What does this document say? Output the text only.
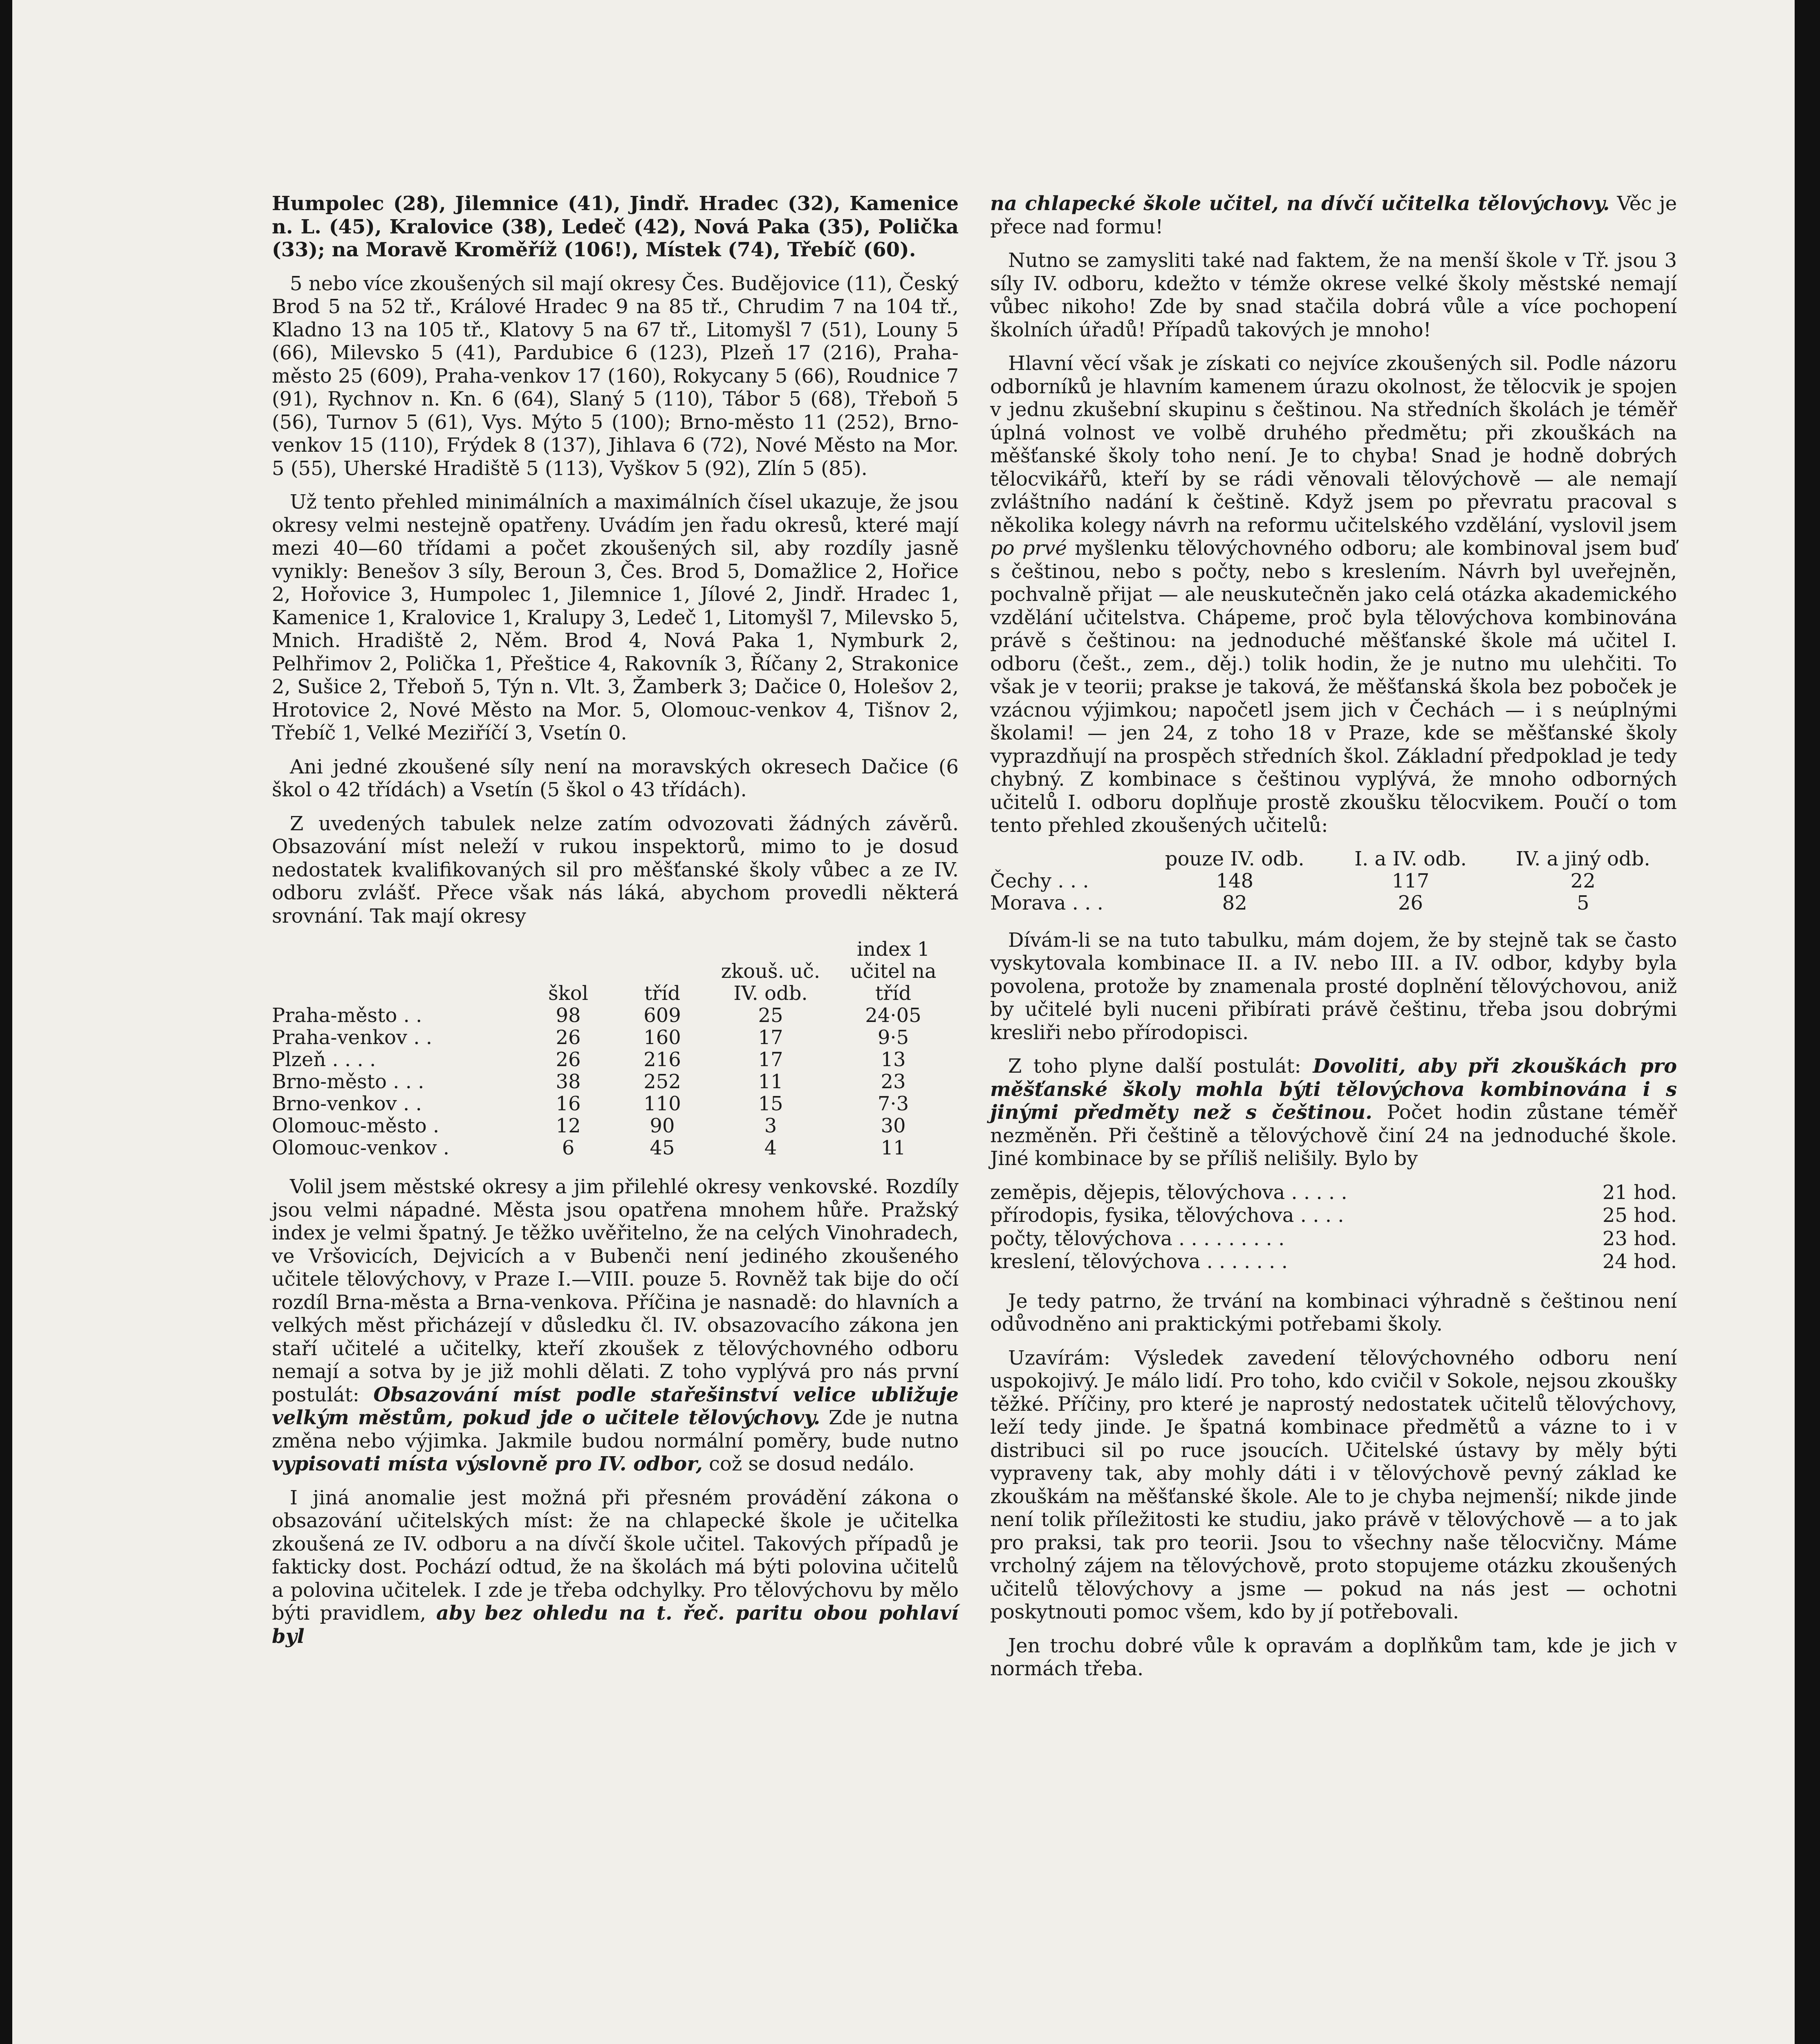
Humpolec (28), Jilemnice (41), Jindř. Hradec (32), Kamenice n. L. (45), Kralovice (38), Ledeč (42), Nová Paka (35), Polička (33); na Moravě Kroměříž (106!), Místek (74), Třebíč (60).

5 nebo více zkoušených sil mají okresy Čes. Budějovice (11), Český Brod 5 na 52 tř., Králové Hradec 9 na 85 tř., Chrudim 7 na 104 tř., Kladno 13 na 105 tř., Klatovy 5 na 67 tř., Litomyšl 7 (51), Louny 5 (66), Milevsko 5 (41), Pardubice 6 (123), Plzeň 17 (216), Praha-město 25 (609), Praha-venkov 17 (160), Rokycany 5 (66), Roudnice 7 (91), Rychnov n. Kn. 6 (64), Slaný 5 (110), Tábor 5 (68), Třeboň 5 (56), Turnov 5 (61), Vys. Mýto 5 (100); Brno-město 11 (252), Brno-venkov 15 (110), Frýdek 8 (137), Jihlava 6 (72), Nové Město na Mor. 5 (55), Uherské Hradiště 5 (113), Vyškov 5 (92), Zlín 5 (85).

Už tento přehled minimálních a maximálních čísel ukazuje, že jsou okresy velmi nestejně opatřeny. Uvádím jen řadu okresů, které mají mezi 40—60 třídami a počet zkoušených sil, aby rozdíly jasně vynikly: Benešov 3 síly, Beroun 3, Čes. Brod 5, Domažlice 2, Hořice 2, Hořovice 3, Humpolec 1, Jilemnice 1, Jílové 2, Jindř. Hradec 1, Kamenice 1, Kralovice 1, Kralupy 3, Ledeč 1, Litomyšl 7, Milevsko 5, Mnich. Hradiště 2, Něm. Brod 4, Nová Paka 1, Nymburk 2, Pelhřimov 2, Polička 1, Přeštice 4, Rakovník 3, Říčany 2, Strakonice 2, Sušice 2, Třeboň 5, Týn n. Vlt. 3, Žamberk 3; Dačice 0, Holešov 2, Hrotovice 2, Nové Město na Mor. 5, Olomouc-venkov 4, Tišnov 2, Třebíč 1, Velké Meziříčí 3, Vsetín 0.

Ani jedné zkoušené síly není na moravských okresech Dačice (6 škol o 42 třídách) a Vsetín (5 škol o 43 třídách).

Z uvedených tabulek nelze zatím odvozovati žádných závěrů. Obsazování míst neleží v rukou inspektorů, mimo to je dosud nedostatek kvalifikovaných sil pro měšťanské školy vůbec a ze IV. odboru zvlášť. Přece však nás láká, abychom provedli některá srovnání. Tak mají okresy

	škol	tříd	zkouš. uč. IV. odb.	index 1 učitel na tříd
Praha-město . .	98	609	25	24·05
Praha-venkov . .	26	160	17	9·5
Plzeň . . . .	26	216	17	13
Brno-město . . .	38	252	11	23
Brno-venkov . .	16	110	15	7·3
Olomouc-město .	12	90	3	30
Olomouc-venkov .	6	45	4	11

Volil jsem městské okresy a jim přilehlé okresy venkovské. Rozdíly jsou velmi nápadné. Města jsou opatřena mnohem hůře. Pražský index je velmi špatný. Je těžko uvěřitelno, že na celých Vinohradech, ve Vršovicích, Dejvicích a v Bubenči není jediného zkoušeného učitele tělovýchovy, v Praze I.—VIII. pouze 5. Rovněž tak bije do očí rozdíl Brna-města a Brna-venkova. Příčina je nasnadě: do hlavních a velkých měst přicházejí v důsledku čl. IV. obsazovacího zákona jen staří učitelé a učitelky, kteří zkoušek z tělovýchovného odboru nemají a sotva by je již mohli dělati. Z toho vyplývá pro nás první postulát: Obsazování míst podle stařešinství velice ubližuje velkým městům, pokud jde o učitele tělovýchovy. Zde je nutna změna nebo výjimka. Jakmile budou normální poměry, bude nutno vypisovati místa výslovně pro IV. odbor, což se dosud nedálo.

I jiná anomalie jest možná při přesném provádění zákona o obsazování učitelských míst: že na chlapecké škole je učitelka zkoušená ze IV. odboru a na dívčí škole učitel. Takových případů je fakticky dost. Pochází odtud, že na školách má býti polovina učitelů a polovina učitelek. I zde je třeba odchylky. Pro tělovýchovu by mělo býti pravidlem, aby bez ohledu na t. řeč. paritu obou pohlaví byl

na chlapecké škole učitel, na dívčí učitelka tělovýchovy. Věc je přece nad formu!

Nutno se zamysliti také nad faktem, že na menší škole v Tř. jsou 3 síly IV. odboru, kdežto v témže okrese velké školy městské nemají vůbec nikoho! Zde by snad stačila dobrá vůle a více pochopení školních úřadů! Případů takových je mnoho!

Hlavní věcí však je získati co nejvíce zkoušených sil. Podle názoru odborníků je hlavním kamenem úrazu okolnost, že tělocvik je spojen v jednu zkušební skupinu s češtinou. Na středních školách je téměř úplná volnost ve volbě druhého předmětu; při zkouškách na měšťanské školy toho není. Je to chyba! Snad je hodně dobrých tělocvikářů, kteří by se rádi věnovali tělovýchově — ale nemají zvláštního nadání k češtině. Když jsem po převratu pracoval s několika kolegy návrh na reformu učitelského vzdělání, vyslovil jsem po prvé myšlenku tělovýchovného odboru; ale kombinoval jsem buď s češtinou, nebo s počty, nebo s kreslením. Návrh byl uveřejněn, pochvalně přijat — ale neuskutečněn jako celá otázka akademického vzdělání učitelstva. Chápeme, proč byla tělovýchova kombinována právě s češtinou: na jednoduché měšťanské škole má učitel I. odboru (češt., zem., děj.) tolik hodin, že je nutno mu ulehčiti. To však je v teorii; prakse je taková, že měšťanská škola bez poboček je vzácnou výjimkou; napočetl jsem jich v Čechách — i s neúplnými školami! — jen 24, z toho 18 v Praze, kde se měšťanské školy vyprazdňují na prospěch středních škol. Základní předpoklad je tedy chybný. Z kombinace s češtinou vyplývá, že mnoho odborných učitelů I. odboru doplňuje prostě zkoušku tělocvikem. Poučí o tom tento přehled zkoušených učitelů:

	pouze IV. odb.	I. a IV. odb.	IV. a jiný odb.
Čechy . . .	148	117	22
Morava . . .	82	26	5

Dívám-li se na tuto tabulku, mám dojem, že by stejně tak se často vyskytovala kombinace II. a IV. nebo III. a IV. odbor, kdyby byla povolena, protože by znamenala prosté doplnění tělovýchovou, aniž by učitelé byli nuceni přibírati právě češtinu, třeba jsou dobrými kresliři nebo přírodopisci.

Z toho plyne další postulát: Dovoliti, aby při zkouškách pro měšťanské školy mohla býti tělovýchova kombinována i s jinými předměty než s češtinou. Počet hodin zůstane téměř nezměněn. Při češtině a tělovýchově činí 24 na jednoduché škole. Jiné kombinace by se příliš nelišily. Bylo by

zeměpis, dějepis, tělovýchova . . . . .	21 hod.
přírodopis, fysika, tělovýchova . . . .	25 hod.
počty, tělovýchova . . . . . . . . .	23 hod.
kreslení, tělovýchova . . . . . . .	24 hod.

Je tedy patrno, že trvání na kombinaci výhradně s češtinou není odůvodněno ani praktickými potřebami školy.

Uzavírám: Výsledek zavedení tělovýchovného odboru není uspokojivý. Je málo lidí. Pro toho, kdo cvičil v Sokole, nejsou zkoušky těžké. Příčiny, pro které je naprostý nedostatek učitelů tělovýchovy, leží tedy jinde. Je špatná kombinace předmětů a vázne to i v distribuci sil po ruce jsoucích. Učitelské ústavy by měly býti vypraveny tak, aby mohly dáti i v tělovýchově pevný základ ke zkouškám na měšťanské škole. Ale to je chyba nejmenší; nikde jinde není tolik příležitosti ke studiu, jako právě v tělovýchově — a to jak pro praksi, tak pro teorii. Jsou to všechny naše tělocvičny. Máme vrcholný zájem na tělovýchově, proto stopujeme otázku zkoušených učitelů tělovýchovy a jsme — pokud na nás jest — ochotni poskytnouti pomoc všem, kdo by jí potřebovali.

Jen trochu dobré vůle k opravám a doplňkům tam, kde je jich v normách třeba.
